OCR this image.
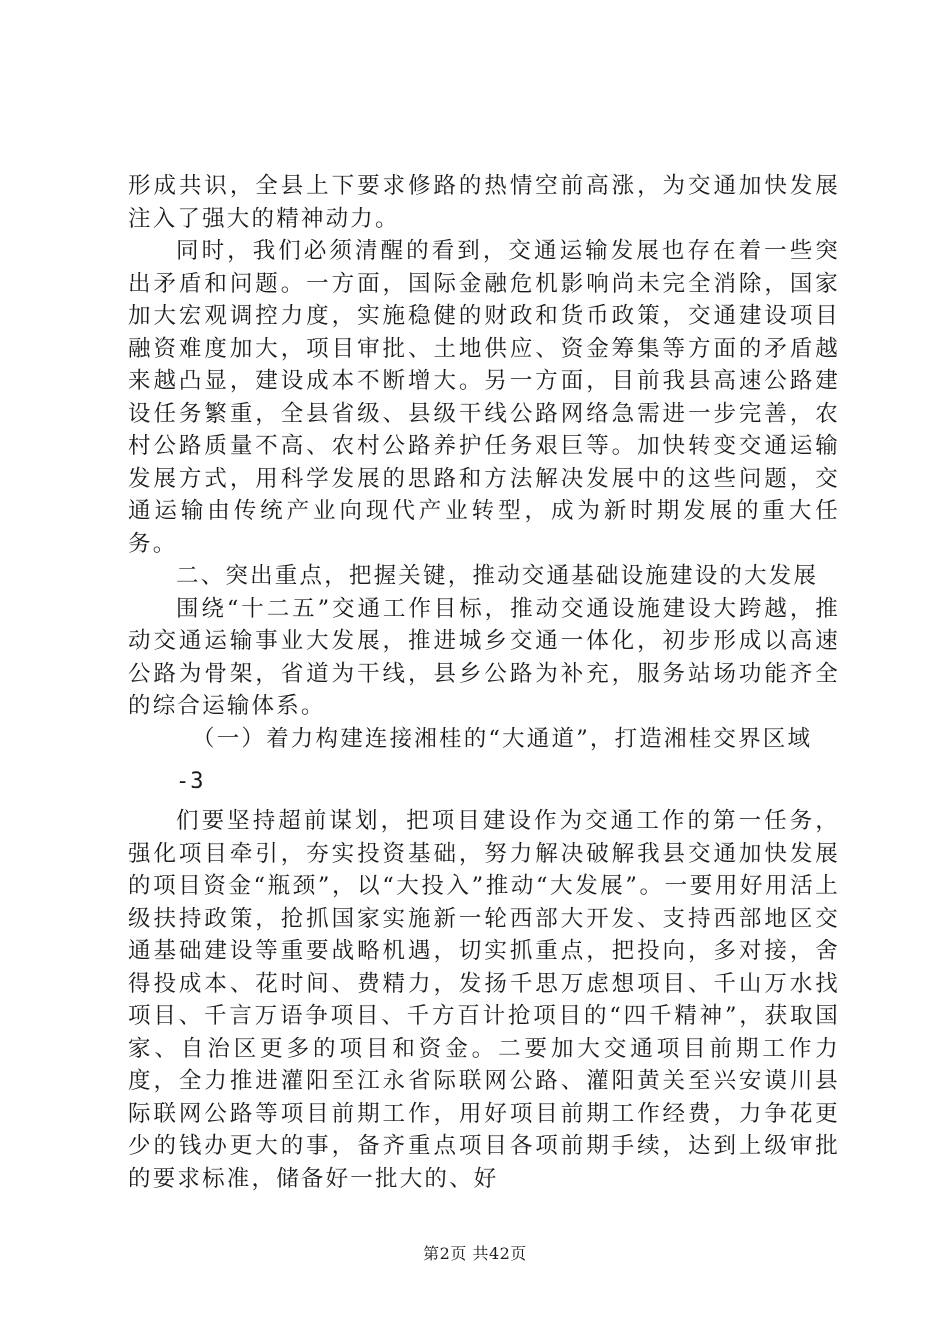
形成共识，全县上下要求修路的热情空前高涨，为交通加快发展注入了强大的精神动力。

同时，我们必须清醒的看到，交通运输发展也存在着一些突出矛盾和问题。一方面，国际金融危机影响尚未完全消除，国家加大宏观调控力度，实施稳健的财政和货币政策，交通建设项目融资难度加大，项目审批、土地供应、资金筹集等方面的矛盾越来越凸显，建设成本不断增大。另一方面，目前我县高速公路建设任务繁重，全县省级、县级干线公路网络急需进一步完善，农村公路质量不高、农村公路养护任务艰巨等。加快转变交通运输发展方式，用科学发展的思路和方法解决发展中的这些问题，交通运输由传统产业向现代产业转型，成为新时期发展的重大任务。

二、突出重点，把握关键，推动交通基础设施建设的大发展

围绕“十二五”交通工作目标，推动交通设施建设大跨越，推动交通运输事业大发展，推进城乡交通一体化，初步形成以高速公路为骨架，省道为干线，县乡公路为补充，服务站场功能齐全的综合运输体系。

（一）着力构建连接湘桂的“大通道”，打造湘桂交界区域

-3

们要坚持超前谋划，把项目建设作为交通工作的第一任务，强化项目牵引，夯实投资基础，努力解决破解我县交通加快发展的项目资金“瓶颈”，以“大投入”推动“大发展”。一要用好用活上级扶持政策，抢抓国家实施新一轮西部大开发、支持西部地区交通基础建设等重要战略机遇，切实抓重点，把投向，多对接，舍得投成本、花时间、费精力，发扬千思万虑想项目、千山万水找项目、千言万语争项目、千方百计抢项目的“四千精神”，获取国家、自治区更多的项目和资金。二要加大交通项目前期工作力度，全力推进灌阳至江永省际联网公路、灌阳黄关至兴安谟川县际联网公路等项目前期工作，用好项目前期工作经费，力争花更少的钱办更大的事，备齐重点项目各项前期手续，达到上级审批的要求标准，储备好一批大的、好

第2页 共42页
